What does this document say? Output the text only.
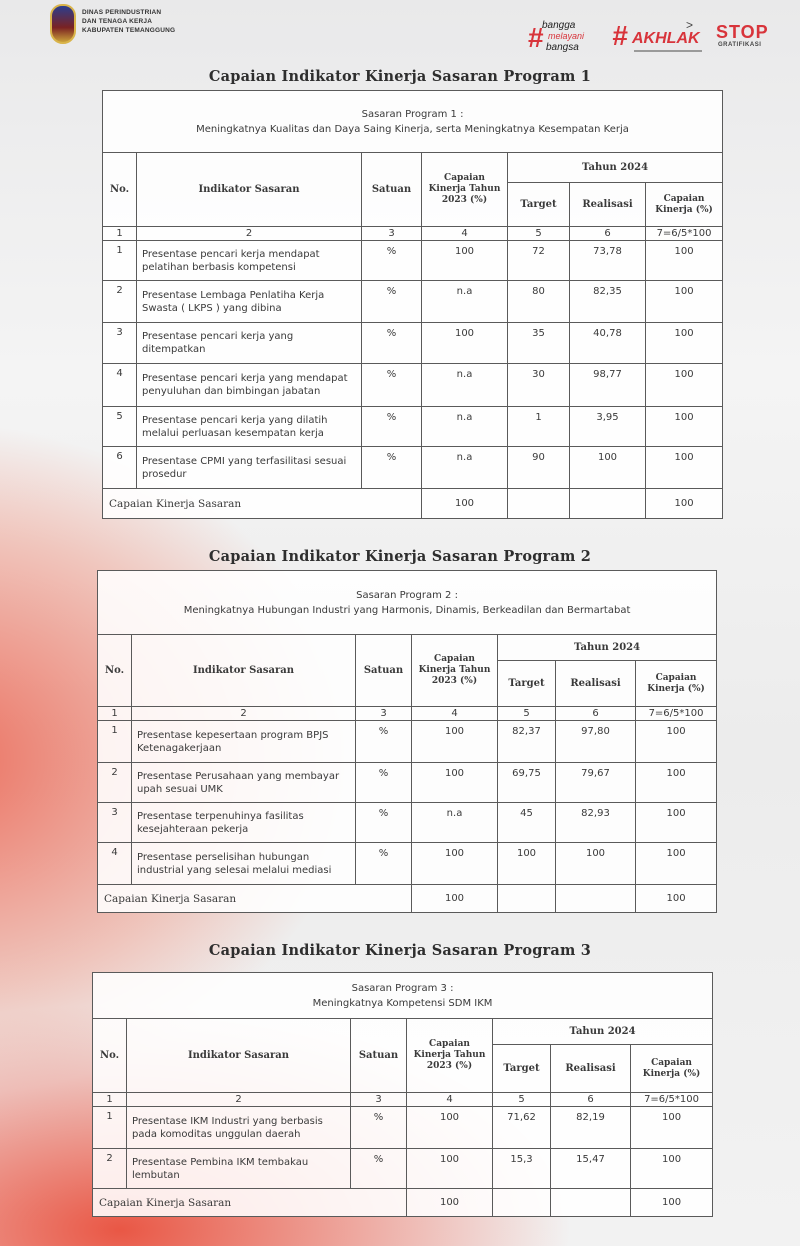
DINAS PERINDUSTRIAN
DAN TENAGA KERJA
KABUPATEN TEMANGGUNG	#
bangga
melayani
bangsa # AKHLAK
> STOP
GRATIFIKASI
Capaian Indikator Kinerja Sasaran Program 1
Sasaran Program 1 :
Meningkatnya Kualitas dan Daya Saing Kinerja, serta Meningkatnya Kesempatan Kerja						

No.	Indikator Sasaran	Satuan	Capaian Kinerja Tahun 2023 (%)	Tahun 2024		
				Target	Realisasi	Capaian Kinerja (%)
1	2	3	4	5	6	7=6/5*100
1	Presentase pencari kerja mendapat pelatihan berbasis kompetensi	%	100	72	73,78	100
2	Presentase Lembaga Penlatiha Kerja Swasta ( LKPS ) yang dibina	%	n.a	80	82,35	100
3	Presentase pencari kerja yang ditempatkan	%	100	35	40,78	100
4	Presentase pencari kerja yang mendapat penyuluhan dan bimbingan jabatan	%	n.a	30	98,77	100
5	Presentase pencari kerja yang dilatih melalui perluasan kesempatan kerja	%	n.a	1	3,95	100
6	Presentase CPMI yang terfasilitasi sesuai prosedur	%	n.a	90	100	100
Capaian Kinerja Sasaran			100			100
Capaian Indikator Kinerja Sasaran Program 2
Sasaran Program 2 :
Meningkatnya Hubungan Industri yang Harmonis, Dinamis, Berkeadilan dan Bermartabat						

No.	Indikator Sasaran	Satuan	Capaian Kinerja Tahun 2023 (%)	Tahun 2024		
				Target	Realisasi	Capaian Kinerja (%)
1	2	3	4	5	6	7=6/5*100
1	Presentase kepesertaan program BPJS Ketenagakerjaan	%	100	82,37	97,80	100
2	Presentase Perusahaan yang membayar upah sesuai UMK	%	100	69,75	79,67	100
3	Presentase terpenuhinya fasilitas kesejahteraan pekerja	%	n.a	45	82,93	100
4	Presentase perselisihan hubungan industrial yang selesai melalui mediasi	%	100	100	100	100
Capaian Kinerja Sasaran			100			100
Capaian Indikator Kinerja Sasaran Program 3
Sasaran Program 3 :
Meningkatnya Kompetensi SDM IKM						

No.	Indikator Sasaran	Satuan	Capaian Kinerja Tahun 2023 (%)	Tahun 2024		
				Target	Realisasi	Capaian Kinerja (%)
1	2	3	4	5	6	7=6/5*100
1	Presentase IKM Industri yang berbasis pada komoditas unggulan daerah	%	100	71,62	82,19	100
2	Presentase Pembina IKM tembakau lembutan	%	100	15,3	15,47	100
Capaian Kinerja Sasaran			100			100
